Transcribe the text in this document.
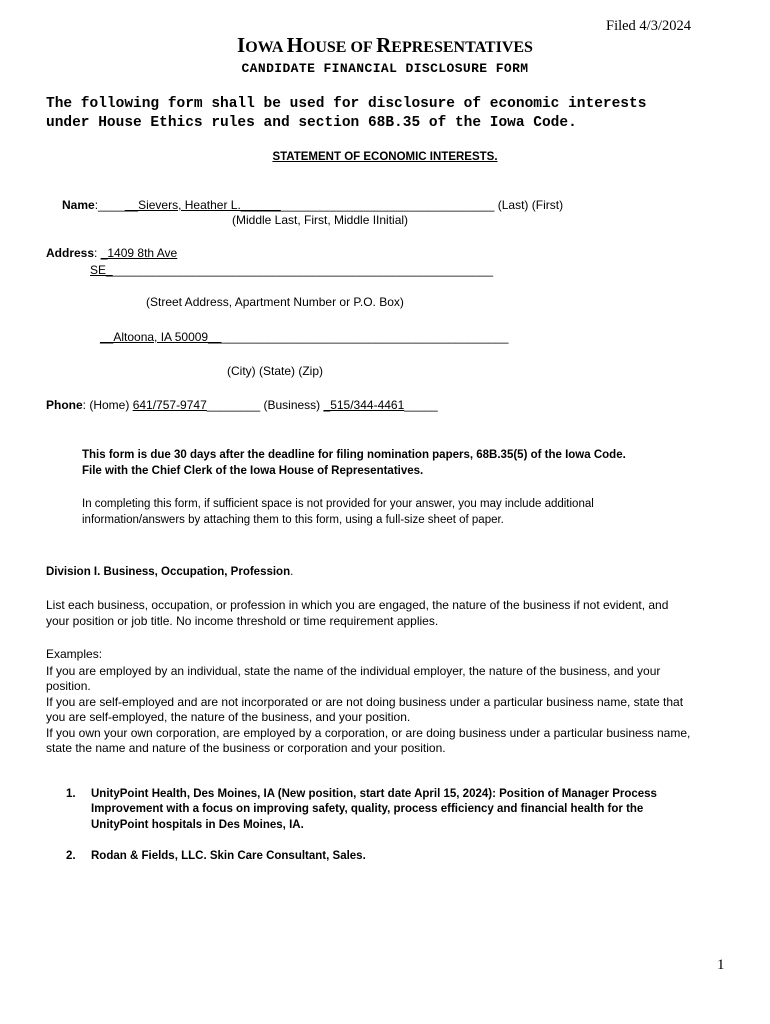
Filed 4/3/2024
IOWA HOUSE OF REPRESENTATIVES
CANDIDATE FINANCIAL DISCLOSURE FORM
The following form shall be used for disclosure of economic interests
under House Ethics rules and section 68B.35 of the Iowa Code.
STATEMENT OF ECONOMIC INTERESTS.
Name:______Sievers, Heather L.______________________________________ (Last) (First)
(Middle Last, First, Middle IInitial)
Address: _1409 8th Ave
SE__________________________________________________________
(Street Address, Apartment Number or P.O. Box)
__Altoona, IA 50009_____________________________________________
(City) (State) (Zip)
Phone: (Home) 641/757-9747________ (Business) _515/344-4461_____
This form is due 30 days after the deadline for filing nomination papers, 68B.35(5) of the Iowa Code.
File with the Chief Clerk of the Iowa House of Representatives.
In completing this form, if sufficient space is not provided for your answer, you may include additional
information/answers by attaching them to this form, using a full-size sheet of paper.
Division I. Business, Occupation, Profession.
List each business, occupation, or profession in which you are engaged, the nature of the business if not evident, and
your position or job title. No income threshold or time requirement applies.
Examples:
If you are employed by an individual, state the name of the individual employer, the nature of the business, and your
position.
If you are self-employed and are not incorporated or are not doing business under a particular business name, state that
you are self-employed, the nature of the business, and your position.
If you own your own corporation, are employed by a corporation, or are doing business under a particular business name,
state the name and nature of the business or corporation and your position.
1. UnityPoint Health, Des Moines, IA (New position, start date April 15, 2024): Position of Manager Process
Improvement with a focus on improving safety, quality, process efficiency and financial health for the
UnityPoint hospitals in Des Moines, IA.
2. Rodan & Fields, LLC. Skin Care Consultant, Sales.
1
